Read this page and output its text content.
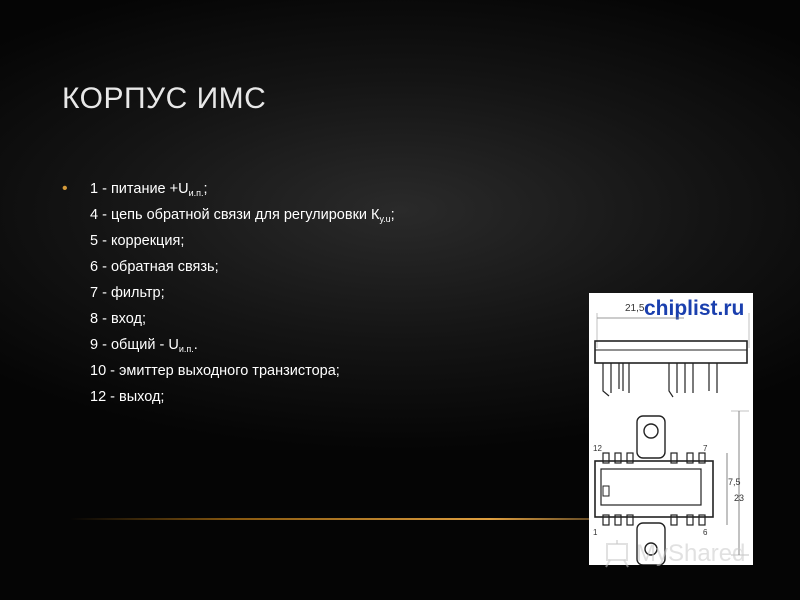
КОРПУС ИМС
• 1 - питание $+U_{и.п.}$;
4 - цепь обратной связи для регулировки $К_{у.u}$;
5 - коррекция;
6 - обратная связь;
7 - фильтр;
8 - вход;
9 - общий - $U_{и.п.}$.
10 - эмиттер выходного транзистора;
12 - выход;
chiplist.ru
21,5
7,5
23
12	7
1	6
MyShared
